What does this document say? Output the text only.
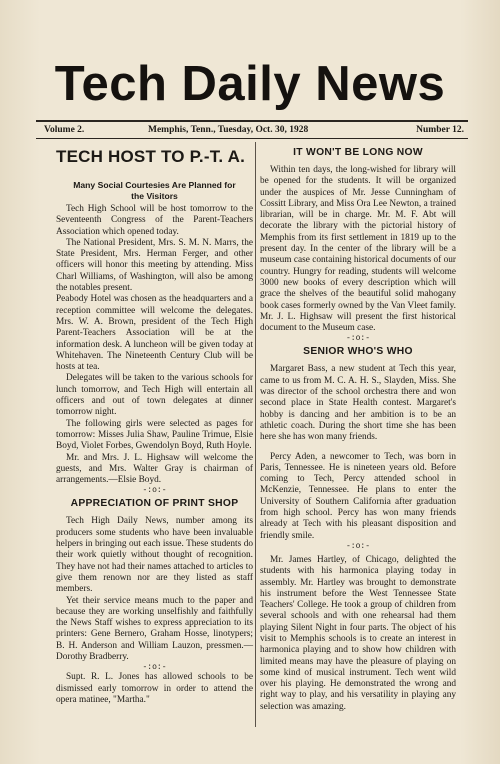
Tech Daily News
Volume 2.	Memphis, Tenn., Tuesday, Oct. 30, 1928	Number 12.
TECH HOST TO P.-T. A.
Many Social Courtesies Are Planned for
the Visitors

Tech High School will be host tomorrow to the Seventeenth Congress of the Parent-Teachers Association which opened today.

The National President, Mrs. S. M. N. Marrs, the State President, Mrs. Herman Ferger, and other officers will honor this meeting by attending. Miss Charl Williams, of Washington, will also be among the notables present.

Peabody Hotel was chosen as the headquarters and a reception committee will welcome the delegates. Mrs. W. A. Brown, president of the Tech High Parent-Teachers Association will be at the information desk. A luncheon will be given today at Whitehaven. The Nineteenth Century Club will be hosts at tea.

Delegates will be taken to the various schools for lunch tomorrow, and Tech High will entertain all officers and out of town delegates at dinner tomorrow night.

The following girls were selected as pages for tomorrow: Misses Julia Shaw, Pauline Trimue, Elsie Boyd, Violet Forbes, Gwendolyn Boyd, Ruth Hoyle.

Mr. and Mrs. J. L. Highsaw will welcome the guests, and Mrs. Walter Gray is chairman of arrangements.—Elsie Boyd.

-:o:-
APPRECIATION OF PRINT SHOP

Tech High Daily News, number among its producers some students who have been invaluable helpers in bringing out each issue. These students do their work quietly without thought of recognition. They have not had their names attached to articles to give them renown nor are they listed as staff members.

Yet their service means much to the paper and because they are working unselfishly and faithfully the News Staff wishes to express appreciation to its printers: Gene Bernero, Graham Hosse, linotypers; B. H. Anderson and William Lauzon, pressmen.—Dorothy Bradberry.

-:o:-

Supt. R. L. Jones has allowed schools to be dismissed early tomorrow in order to attend the opera matinee, "Martha."

IT WON'T BE LONG NOW

Within ten days, the long-wished for library will be opened for the students. It will be organized under the auspices of Mr. Jesse Cunningham of Cossitt Library, and Miss Ora Lee Newton, a trained librarian, will be in charge. Mr. M. F. Abt will decorate the library with the pictorial history of Memphis from its first settlement in 1819 up to the present day. In the center of the library will be a museum case containing historical documents of our country. Hungry for reading, students will welcome 3000 new books of every description which will grace the shelves of the beautiful solid mahogany book cases formerly owned by the Van Vleet family. Mr. J. L. Highsaw will present the first historical document to the Museum case.

-:o:-
SENIOR WHO'S WHO

Margaret Bass, a new student at Tech this year, came to us from M. C. A. H. S., Slayden, Miss. She was director of the school orchestra there and won second place in State Health contest. Margaret's hobby is dancing and her ambition is to be an athletic coach. During the short time she has been here she has won many friends.

Percy Aden, a newcomer to Tech, was born in Paris, Tennessee. He is nineteen years old. Before coming to Tech, Percy attended school in McKenzie, Tennessee. He plans to enter the University of Southern California after graduation from high school. Percy has won many friends already at Tech with his pleasant disposition and friendly smile.

-:o:-

Mr. James Hartley, of Chicago, delighted the students with his harmonica playing today in assembly. Mr. Hartley was brought to demonstrate his instrument before the West Tennessee State Teachers' College. He took a group of children from several schools and with one rehearsal had them playing Silent Night in four parts. The object of his visit to Memphis schools is to create an interest in harmonica playing and to show how children with limited means may have the pleasure of playing on some kind of musical instrument. Tech went wild over his playing. He demonstrated the wrong and right way to play, and his versatility in playing any selection was amazing.
